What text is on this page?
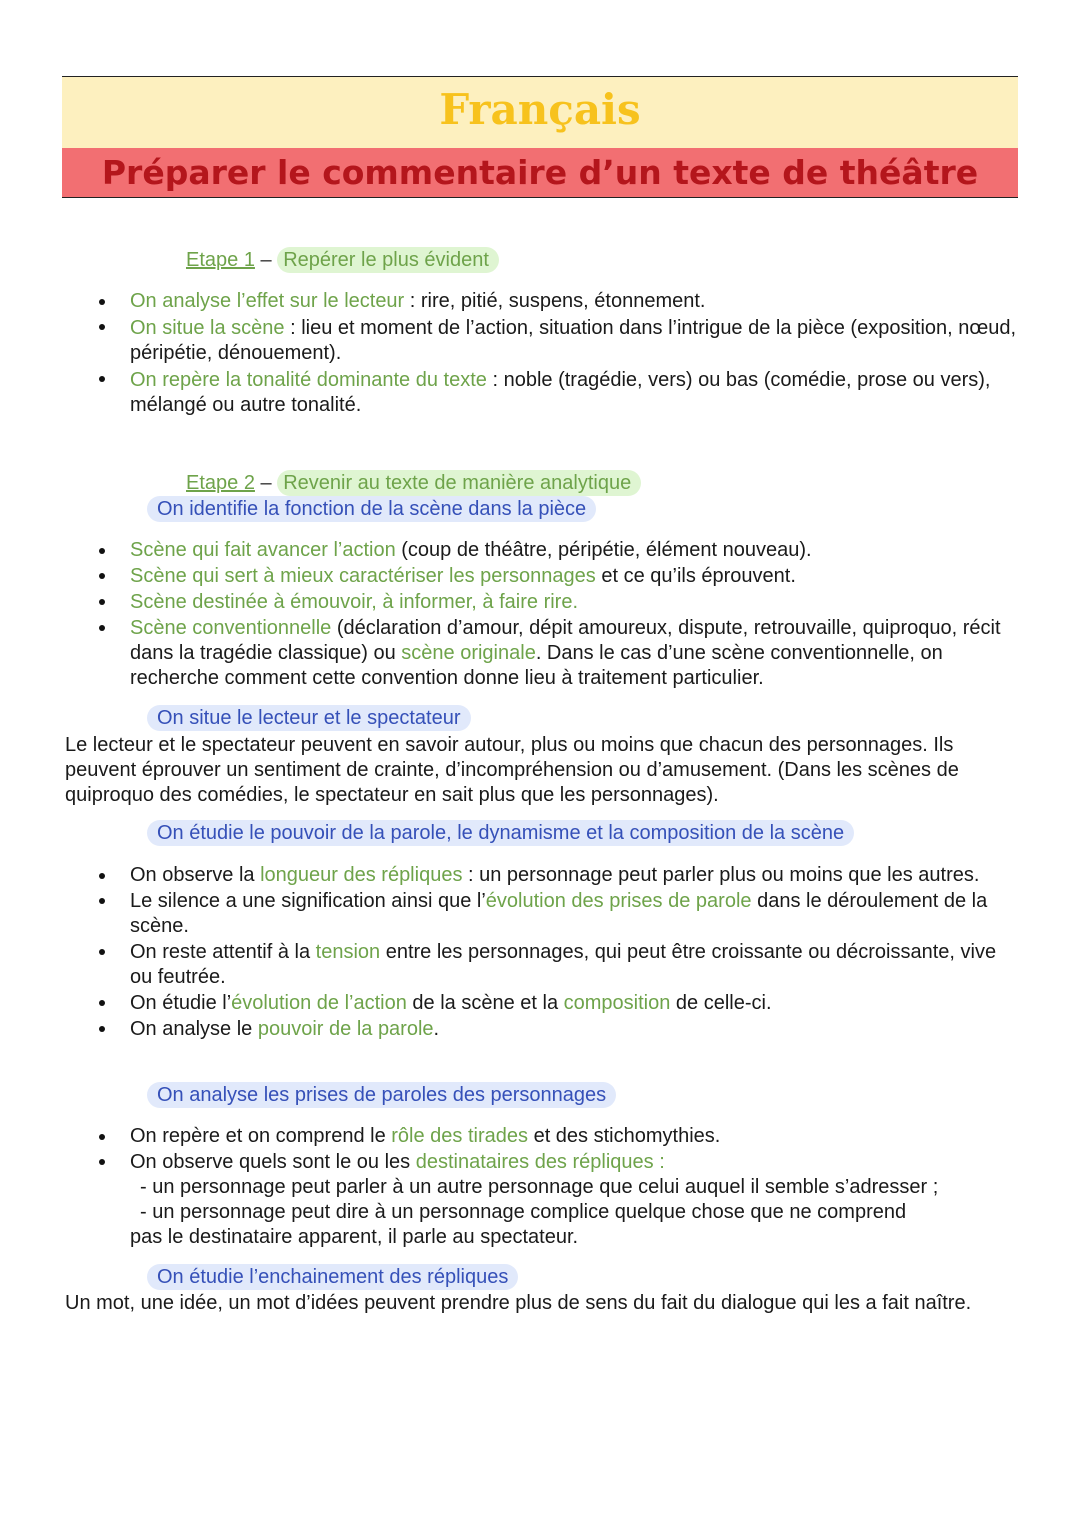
Français
Préparer le commentaire d’un texte de théâtre
Etape 1 – Repérer le plus évident
On analyse l’effet sur le lecteur : rire, pitié, suspens, étonnement.
On situe la scène : lieu et moment de l’action, situation dans l’intrigue de la pièce (exposition, nœud, péripétie, dénouement).
On repère la tonalité dominante du texte : noble (tragédie, vers) ou bas (comédie, prose ou vers), mélangé ou autre tonalité.
Etape 2 – Revenir au texte de manière analytique
On identifie la fonction de la scène dans la pièce
Scène qui fait avancer l’action (coup de théâtre, péripétie, élément nouveau).
Scène qui sert à mieux caractériser les personnages et ce qu’ils éprouvent.
Scène destinée à émouvoir, à informer, à faire rire.
Scène conventionnelle (déclaration d’amour, dépit amoureux, dispute, retrouvaille, quiproquo, récit dans la tragédie classique) ou scène originale. Dans le cas d’une scène conventionnelle, on recherche comment cette convention donne lieu à traitement particulier.
On situe le lecteur et le spectateur
Le lecteur et le spectateur peuvent en savoir autour, plus ou moins que chacun des personnages. Ils peuvent éprouver un sentiment de crainte, d’incompréhension ou d’amusement. (Dans les scènes de quiproquo des comédies, le spectateur en sait plus que les personnages).
On étudie le pouvoir de la parole, le dynamisme et la composition de la scène
On observe la longueur des répliques : un personnage peut parler plus ou moins que les autres.
Le silence a une signification ainsi que l’évolution des prises de parole dans le déroulement de la scène.
On reste attentif à la tension entre les personnages, qui peut être croissante ou décroissante, vive ou feutrée.
On étudie l’évolution de l’action de la scène et la composition de celle-ci.
On analyse le pouvoir de la parole.
On analyse les prises de paroles des personnages
On repère et on comprend le rôle des tirades et des stichomythies.
On observe quels sont le ou les destinataires des répliques :
- un personnage peut parler à un autre personnage que celui auquel il semble s’adresser ;
- un personnage peut dire à un personnage complice quelque chose que ne comprend
pas le destinataire apparent, il parle au spectateur.
On étudie l’enchainement des répliques
Un mot, une idée, un mot d’idées peuvent prendre plus de sens du fait du dialogue qui les a fait naître.
